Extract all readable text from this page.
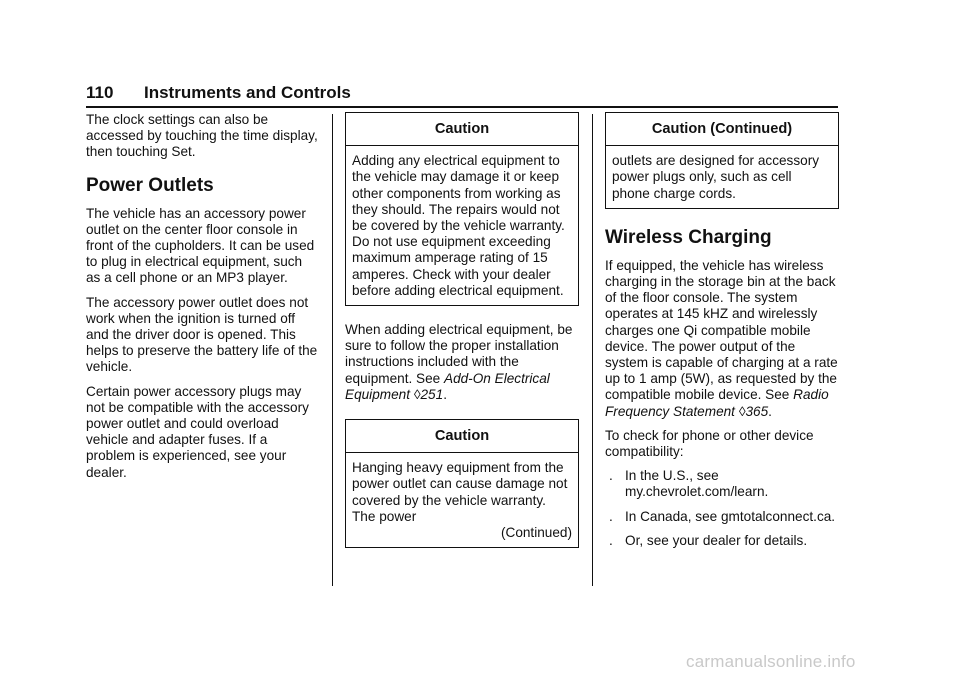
110 Instruments and Controls

The clock settings can also be accessed by touching the time display, then touching Set.

Power Outlets

The vehicle has an accessory power outlet on the center floor console in front of the cupholders. It can be used to plug in electrical equipment, such as a cell phone or an MP3 player.

The accessory power outlet does not work when the ignition is turned off and the driver door is opened. This helps to preserve the battery life of the vehicle.

Certain power accessory plugs may not be compatible with the accessory power outlet and could overload vehicle and adapter fuses. If a problem is experienced, see your dealer.

Caution
Adding any electrical equipment to the vehicle may damage it or keep other components from working as they should. The repairs would not be covered by the vehicle warranty. Do not use equipment exceeding maximum amperage rating of 15 amperes. Check with your dealer before adding electrical equipment.

When adding electrical equipment, be sure to follow the proper installation instructions included with the equipment. See Add-On Electrical Equipment ◊251.

Caution
Hanging heavy equipment from the power outlet can cause damage not covered by the vehicle warranty. The power
(Continued)
Caution (Continued)
outlets are designed for accessory power plugs only, such as cell phone charge cords.
Wireless Charging

If equipped, the vehicle has wireless charging in the storage bin at the back of the floor console. The system operates at 145 kHZ and wirelessly charges one Qi compatible mobile device. The power output of the system is capable of charging at a rate up to 1 amp (5W), as requested by the compatible mobile device. See Radio Frequency Statement ◊365.

To check for phone or other device compatibility:

. In the U.S., see my.chevrolet.com/learn.
. In Canada, see gmtotalconnect.ca.
. Or, see your dealer for details.
carmanualsonline.info
